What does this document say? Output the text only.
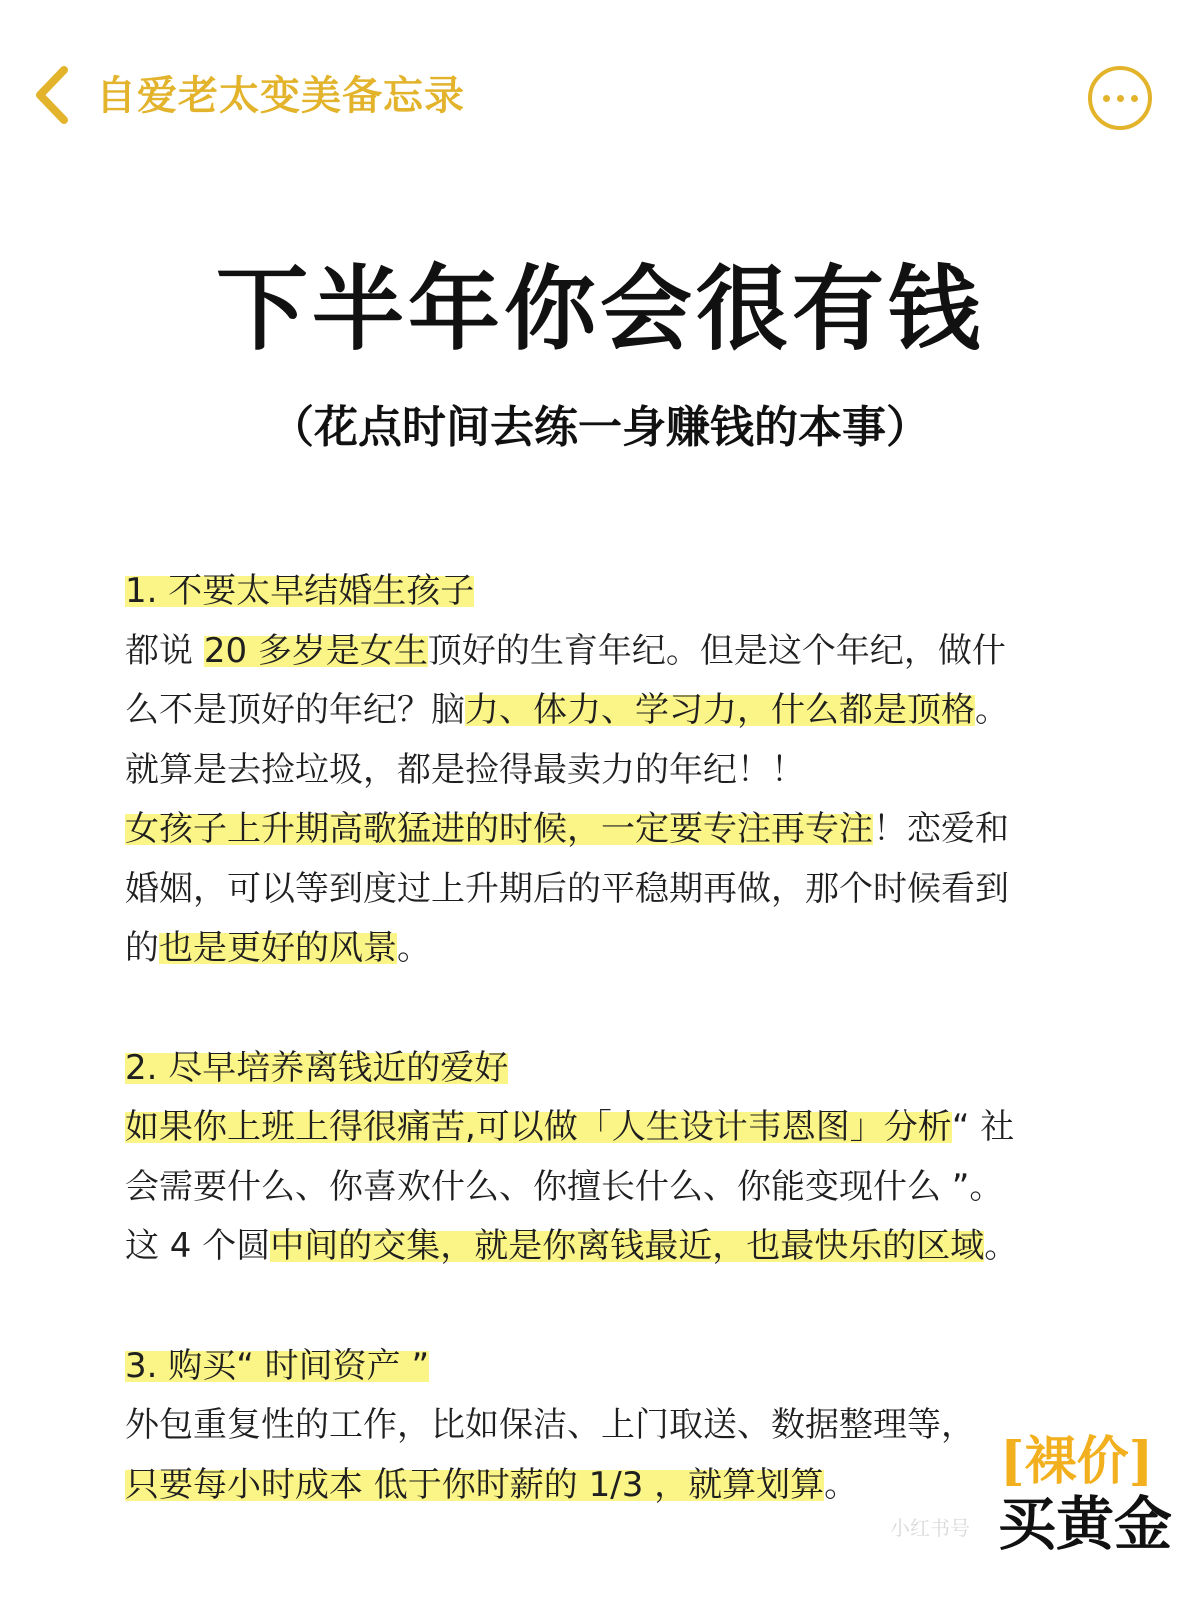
自爱老太变美备忘录
下半年你会很有钱
（花点时间去练一身赚钱的本事）
1. 不要太早结婚生孩子
都说 20 多岁是女生顶好的生育年纪。但是这个年纪，做什
么不是顶好的年纪？脑力、体力、学习力，什么都是顶格。
就算是去捡垃圾，都是捡得最卖力的年纪！！
女孩子上升期高歌猛进的时候，一定要专注再专注！恋爱和
婚姻，可以等到度过上升期后的平稳期再做，那个时候看到
的也是更好的风景。
2. 尽早培养离钱近的爱好
如果你上班上得很痛苦,可以做「人生设计韦恩图」分析“ 社
会需要什么、你喜欢什么、你擅长什么、你能变现什么 ”。
这 4 个圆中间的交集，就是你离钱最近，也最快乐的区域。
3. 购买“ 时间资产 ”
外包重复性的工作，比如保洁、上门取送、数据整理等，
只要每小时成本 低于你时薪的 1/3 ，就算划算。
小红书号
[裸价]
买黄金
